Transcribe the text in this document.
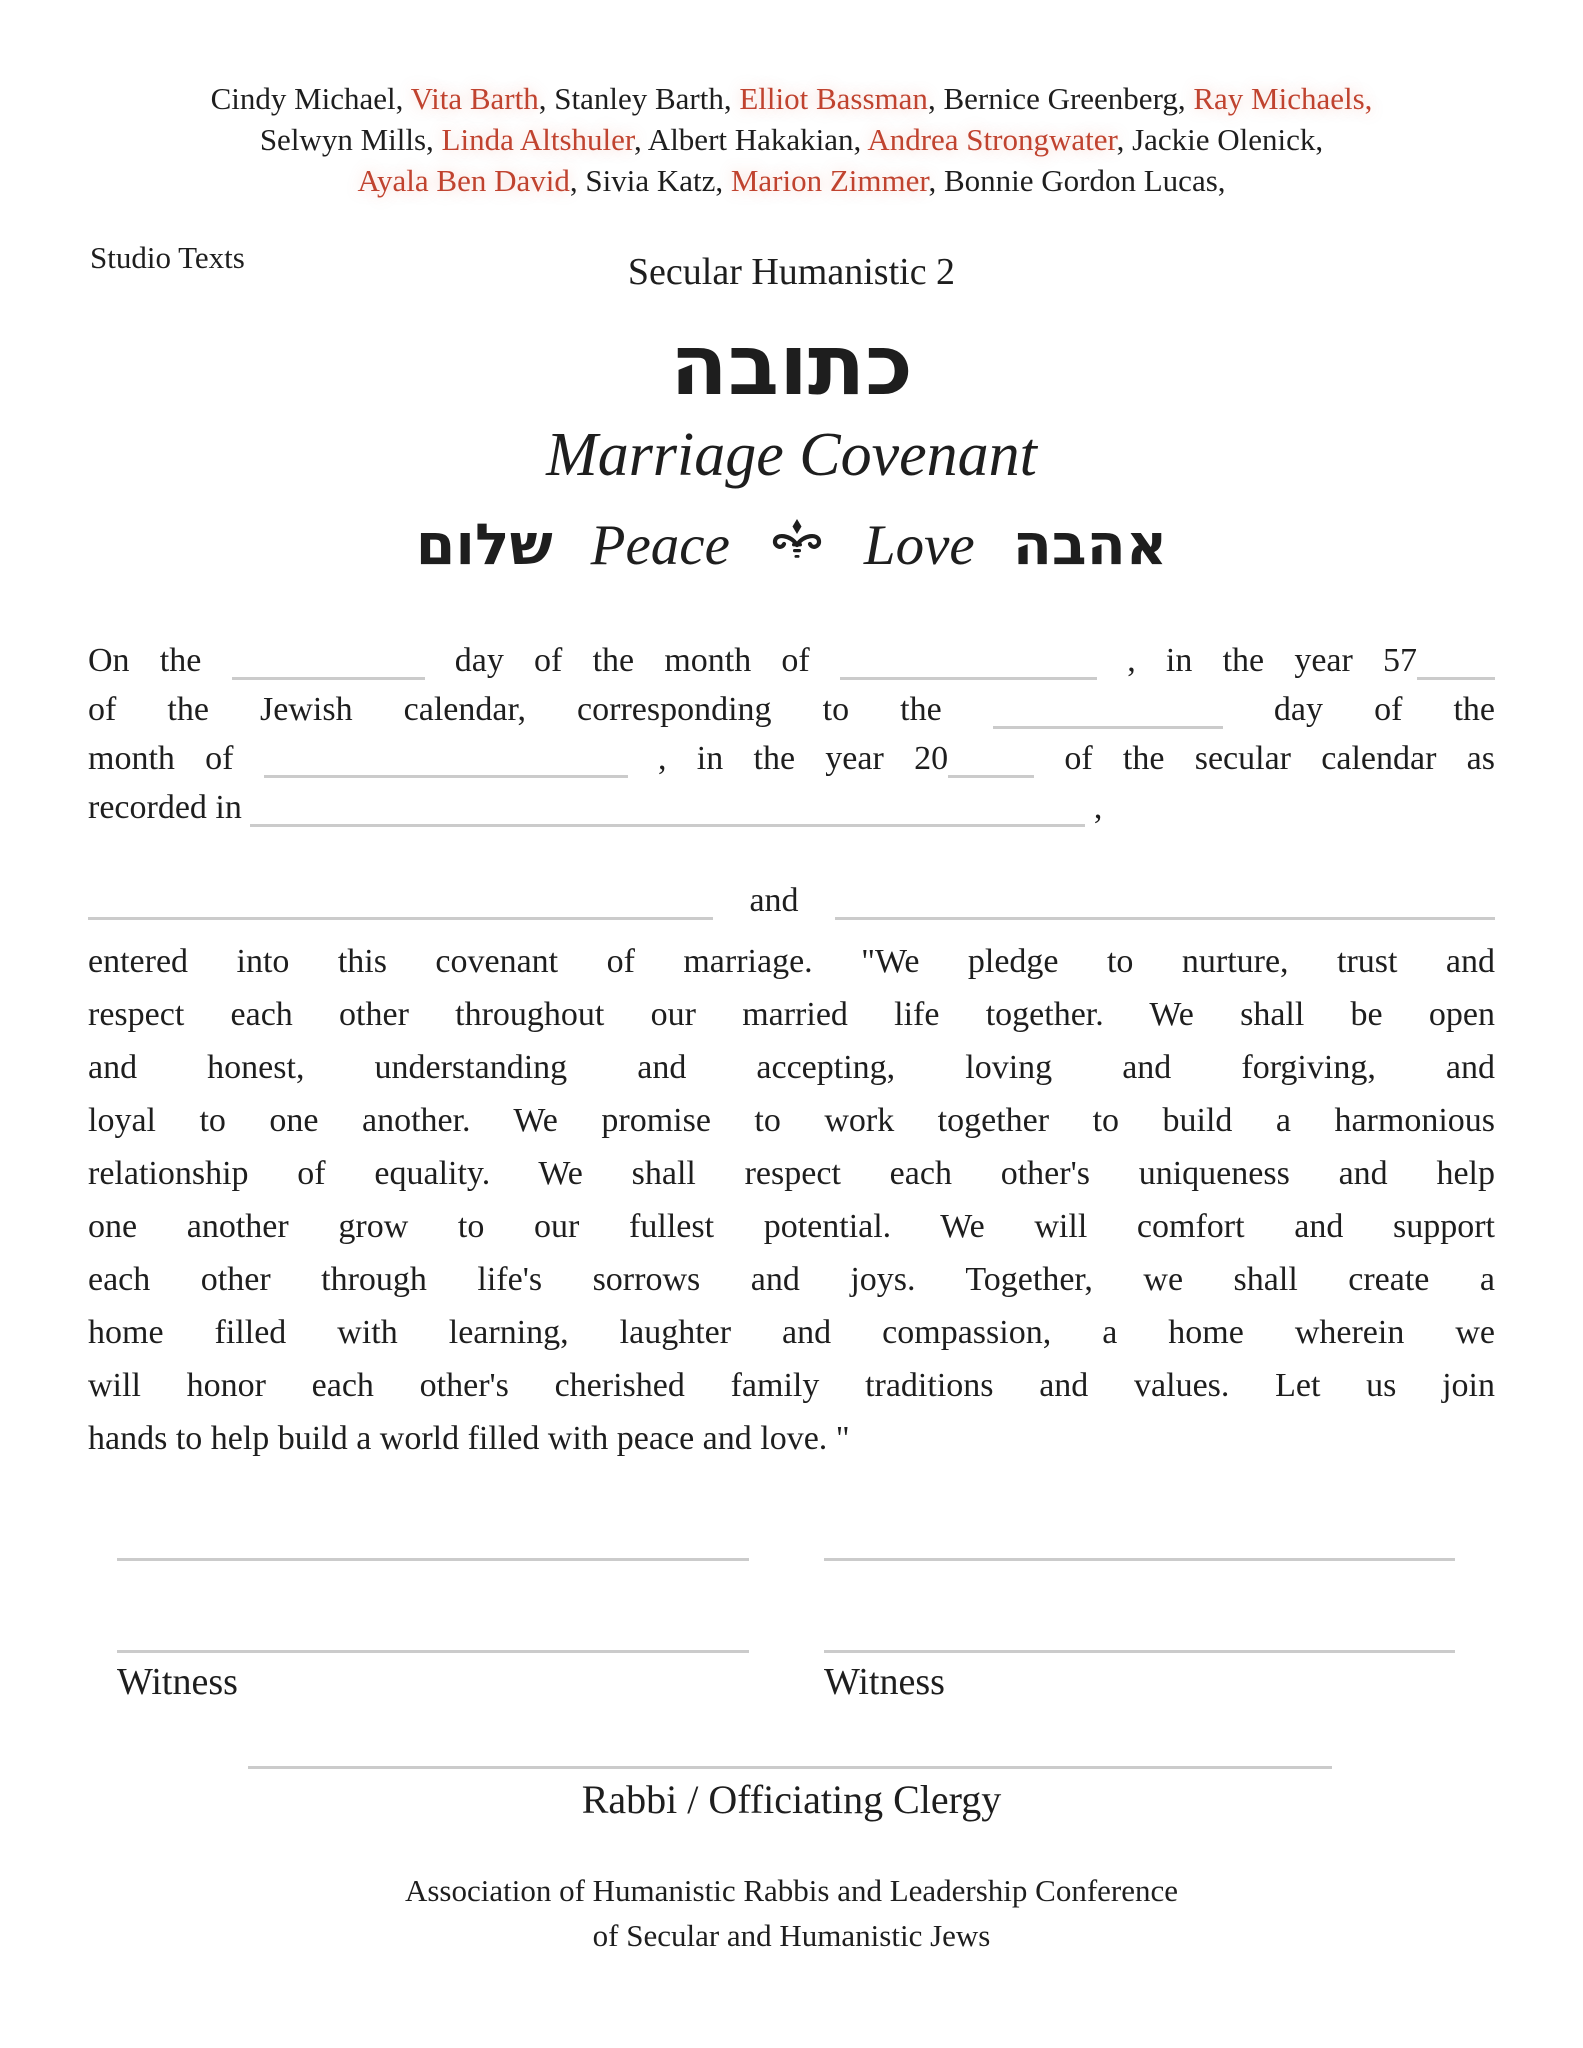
Cindy Michael, Vita Barth, Stanley Barth, Elliot Bassman, Bernice Greenberg, Ray Michaels,
Selwyn Mills, Linda Altshuler, Albert Hakakian, Andrea Strongwater, Jackie Olenick,
Ayala Ben David, Sivia Katz, Marion Zimmer, Bonnie Gordon Lucas,
Studio Texts	Secular Humanistic 2
כתובה
Marriage Covenant
שלום Peace Love אהבה
On the	day of the month of	, in the year 57
of the Jewish calendar, corresponding to the	day of the
month of	, in the year 20	of the secular calendar as
recorded in	,
and
entered into this covenant of marriage. "We pledge to nurture, trust and
respect each other throughout our married life together. We shall be open
and honest, understanding and accepting, loving and forgiving, and
loyal to one another. We promise to work together to build a harmonious
relationship of equality. We shall respect each other's uniqueness and help
one another grow to our fullest potential. We will comfort and support
each other through life's sorrows and joys. Together, we shall create a
home filled with learning, laughter and compassion, a home wherein we
will honor each other's cherished family traditions and values. Let us join
hands to help build a world filled with peace and love. "
Witness	Witness
Rabbi / Officiating Clergy
Association of Humanistic Rabbis and Leadership Conference
of Secular and Humanistic Jews
